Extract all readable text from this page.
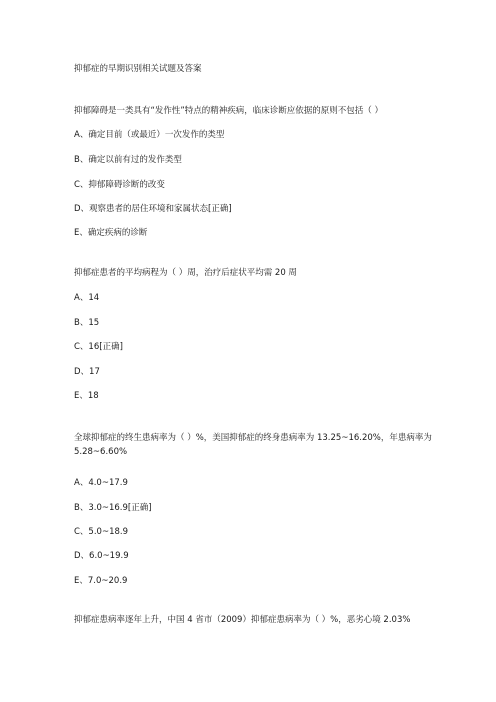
抑郁症的早期识别相关试题及答案
抑郁障碍是一类具有“发作性”特点的精神疾病，临床诊断应依据的原则不包括（ ）
A、确定目前（或最近）一次发作的类型
B、确定以前有过的发作类型
C、抑郁障碍诊断的改变
D、观察患者的居住环境和家属状态[正确]
E、确定疾病的诊断
抑郁症患者的平均病程为（ ）周，治疗后症状平均需 20 周
A、14
B、15
C、16[正确]
D、17
E、18
全球抑郁症的终生患病率为（ ）%，美国抑郁症的终身患病率为 13.25~16.20%，年患病率为 5.28~6.60%
A、4.0~17.9
B、3.0~16.9[正确]
C、5.0~18.9
D、6.0~19.9
E、7.0~20.9
抑郁症患病率逐年上升，中国 4 省市（2009）抑郁症患病率为（ ）%，恶劣心境 2.03%
